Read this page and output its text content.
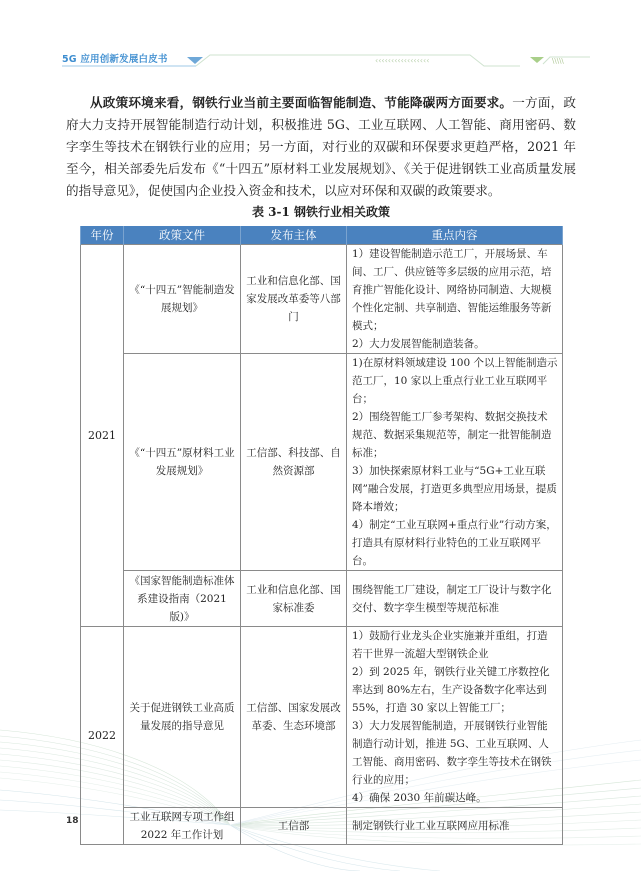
‹‹‹‹‹‹‹‹‹‹‹‹‹‹‹‹‹	\\\\\
5G 应用创新发展白皮书

从政策环境来看，钢铁行业当前主要面临智能制造、节能降碳两方面要求。一方面，政府大力支持开展智能制造行动计划，积极推进 5G、工业互联网、人工智能、商用密码、数字孪生等技术在钢铁行业的应用；另一方面，对行业的双碳和环保要求更趋严格，2021 年至今，相关部委先后发布《“十四五”原材料工业发展规划》、《关于促进钢铁工业高质量发展的指导意见》，促使国内企业投入资金和技术，以应对环保和双碳的政策要求。

表 3-1 钢铁行业相关政策
年份	政策文件	发布主体	重点内容
2021	《“十四五”智能制造发展规划》	工业和信息化部、国家发展改革委等八部门	1）建设智能制造示范工厂，开展场景、车间、工厂、供应链等多层级的应用示范，培育推广智能化设计、网络协同制造、大规模个性化定制、共享制造、智能运维服务等新模式；
2）大力发展智能制造装备。

	《“十四五”原材料工业发展规划》	工信部、科技部、自然资源部	1)在原材料领域建设 100 个以上智能制造示范工厂，10 家以上重点行业工业互联网平台；
2）围绕智能工厂参考架构、数据交换技术规范、数据采集规范等，制定一批智能制造标准；
3）加快探索原材料工业与“5G+工业互联网”融合发展，打造更多典型应用场景，提质降本增效；
4）制定“工业互联网+重点行业”行动方案，打造具有原材料行业特色的工业互联网平台。

	《国家智能制造标准体系建设指南（2021 版)》	工业和信息化部、国家标准委	围绕智能工厂建设，制定工厂设计与数字化交付、数字孪生模型等规范标准

2022	关于促进钢铁工业高质量发展的指导意见	工信部、国家发展改革委、生态环境部	1）鼓励行业龙头企业实施兼并重组，打造若干世界一流超大型钢铁企业
2）到 2025 年，钢铁行业关键工序数控化率达到 80%左右，生产设备数字化率达到 55%，打造 30 家以上智能工厂；
3）大力发展智能制造，开展钢铁行业智能制造行动计划，推进 5G、工业互联网、人工智能、商用密码、数字孪生等技术在钢铁行业的应用；
4）确保 2030 年前碳达峰。

	工业互联网专项工作组 2022 年工作计划	工信部	制定钢铁行业工业互联网应用标准
18
